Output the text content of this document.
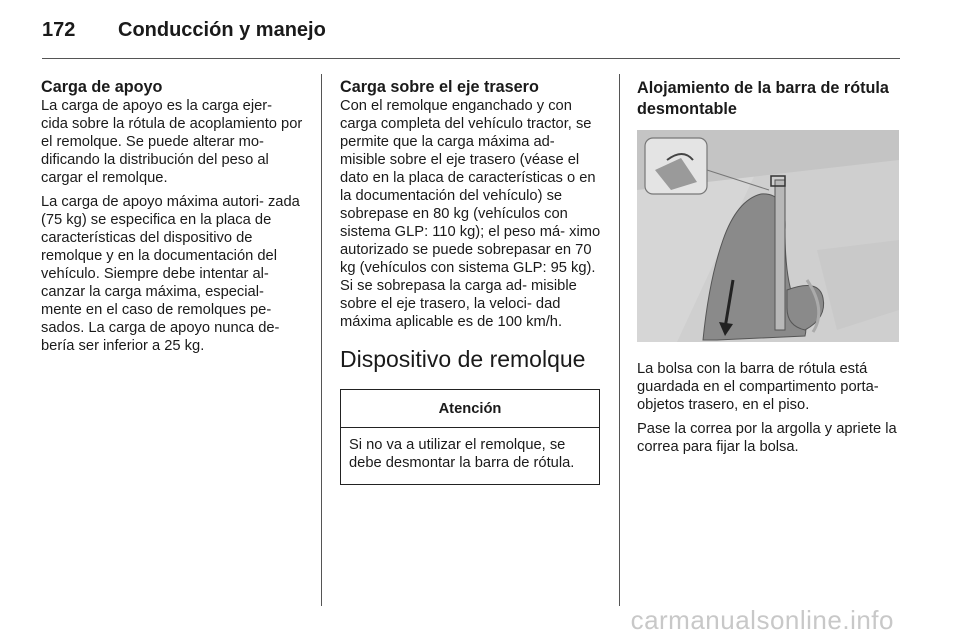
172	Conducción y manejo
Carga de apoyo

La carga de apoyo es la carga ejer- cida sobre la rótula de acoplamiento por el remolque. Se puede alterar mo- dificando la distribución del peso al cargar el remolque.

La carga de apoyo máxima autori- zada (75 kg) se especifica en la placa de características del dispositivo de remolque y en la documentación del vehículo. Siempre debe intentar al- canzar la carga máxima, especial- mente en el caso de remolques pe- sados. La carga de apoyo nunca de- bería ser inferior a 25 kg.

Carga sobre el eje trasero

Con el remolque enganchado y con carga completa del vehículo tractor, se permite que la carga máxima ad- misible sobre el eje trasero (véase el dato en la placa de características o en la documentación del vehículo) se sobrepase en 80 kg (vehículos con sistema GLP: 110 kg); el peso má- ximo autorizado se puede sobrepasar en 70 kg (vehículos con sistema GLP: 95 kg). Si se sobrepasa la carga ad- misible sobre el eje trasero, la veloci- dad máxima aplicable es de 100 km/h.

Dispositivo de remolque
Atención
Si no va a utilizar el remolque, se debe desmontar la barra de rótula.
Alojamiento de la barra de rótula desmontable

La bolsa con la barra de rótula está guardada en el compartimento porta- objetos trasero, en el piso.

Pase la correa por la argolla y apriete la correa para fijar la bolsa.

carmanualsonline.info
